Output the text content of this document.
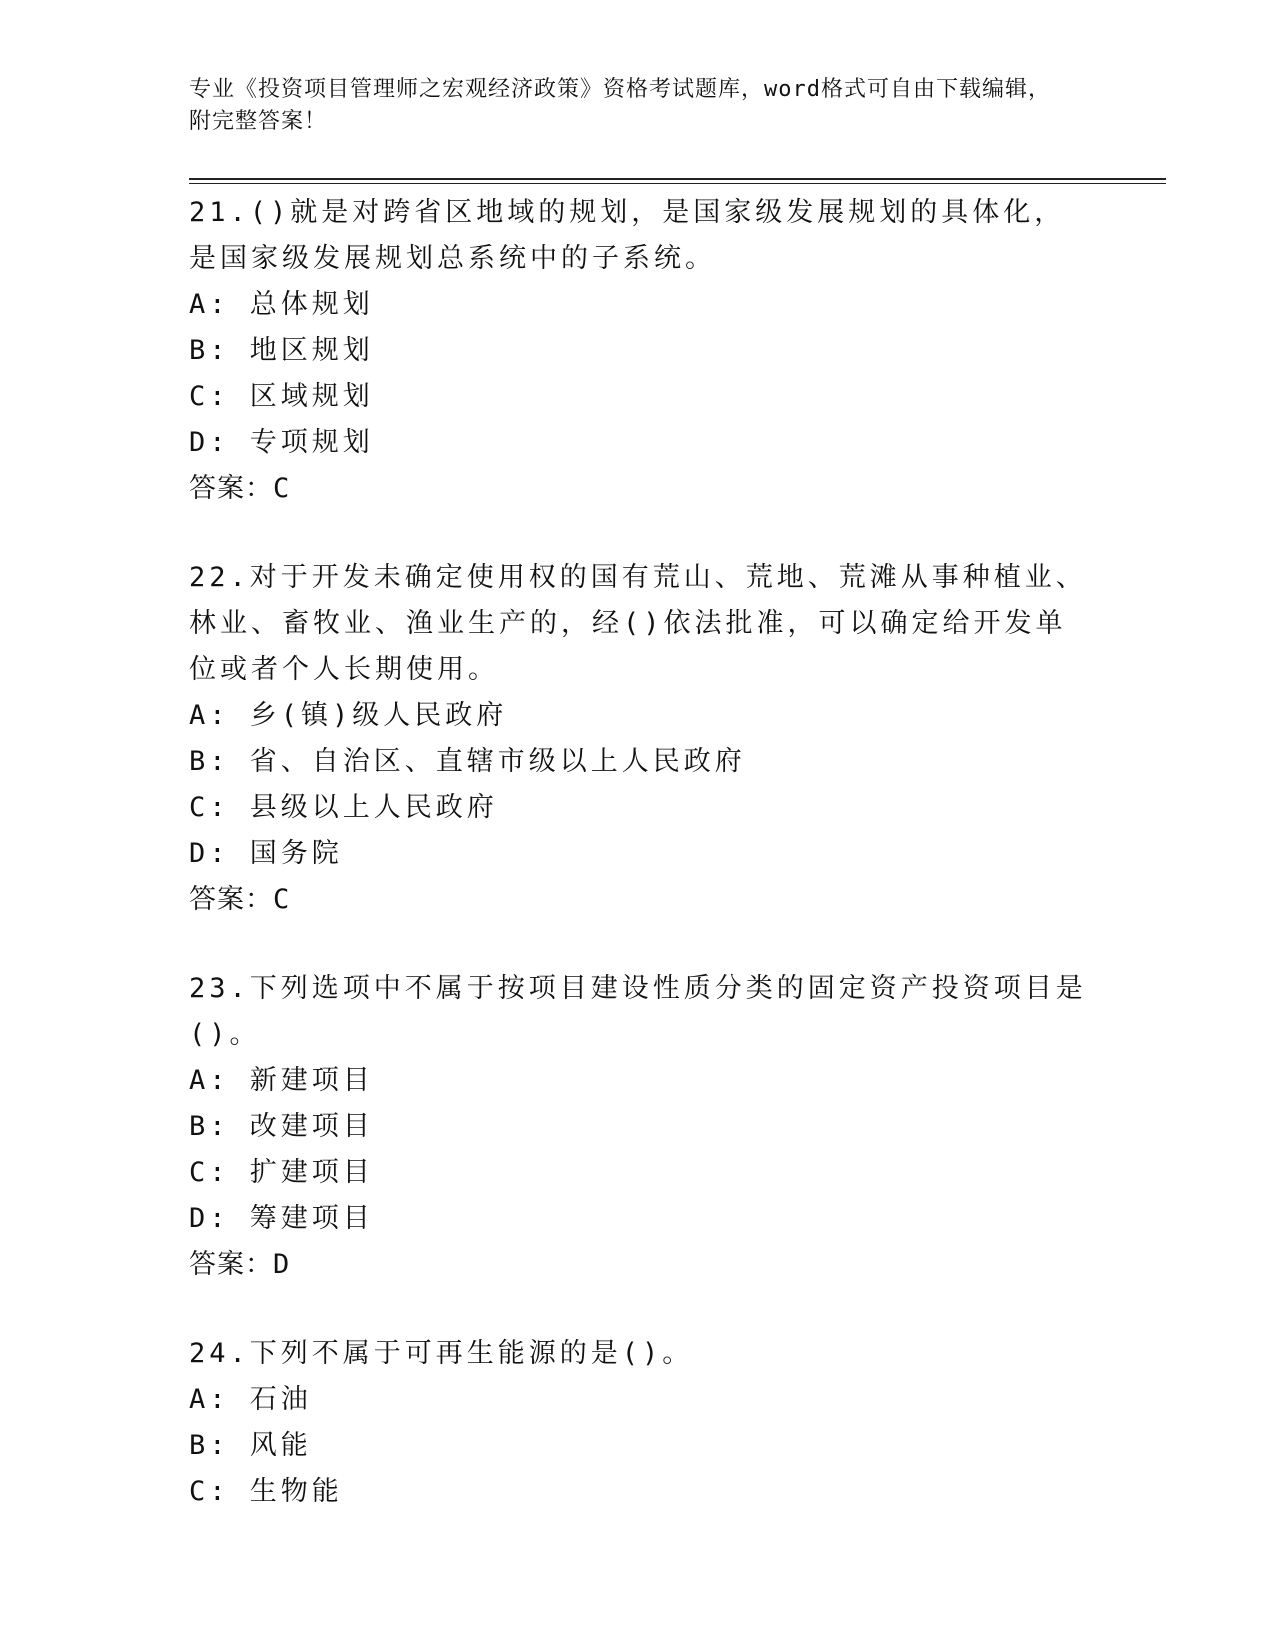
专业《投资项目管理师之宏观经济政策》资格考试题库，word格式可自由下载编辑，附完整答案！
21.()就是对跨省区地域的规划，是国家级发展规划的具体化，是国家级发展规划总系统中的子系统。
A: 总体规划
B: 地区规划
C: 区域规划
D: 专项规划
答案：C
22.对于开发未确定使用权的国有荒山、荒地、荒滩从事种植业、林业、畜牧业、渔业生产的，经()依法批准，可以确定给开发单位或者个人长期使用。
A: 乡(镇)级人民政府
B: 省、自治区、直辖市级以上人民政府
C: 县级以上人民政府
D: 国务院
答案：C
23.下列选项中不属于按项目建设性质分类的固定资产投资项目是()。
A: 新建项目
B: 改建项目
C: 扩建项目
D: 筹建项目
答案：D
24.下列不属于可再生能源的是()。
A: 石油
B: 风能
C: 生物能
